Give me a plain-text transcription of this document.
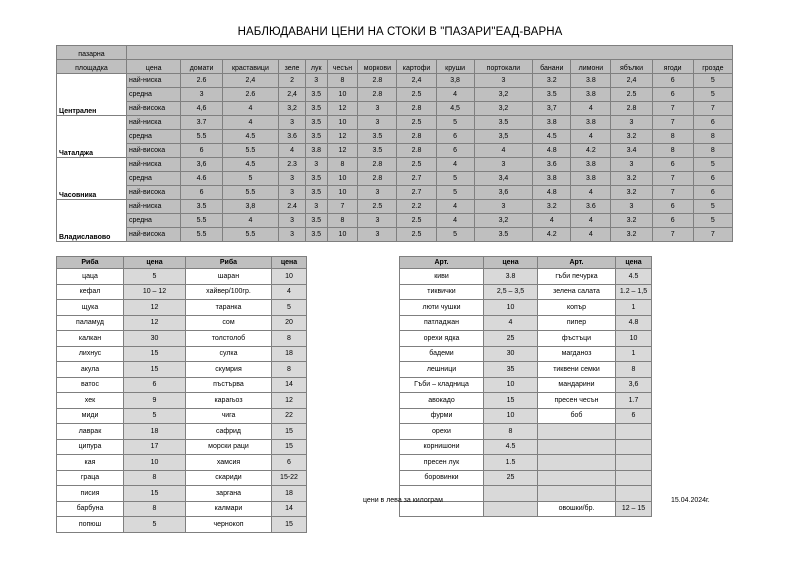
НАБЛЮДАВАНИ ЦЕНИ НА СТОКИ В "ПАЗАРИ"ЕАД-ВАРНА
пазарна															
площадка	цена	домати	краставици	зеле	лук	чесън	моркови	картофи	круши	портокали	банани	лимони	ябълки	ягоди	грозде
Централен	най-ниска	2.6	2,4	2	3	8	2.8	2,4	3,8	3	3.2	3.8	2,4	6	5
	средна	3	2.6	2,4	3.5	10	2.8	2.5	4	3,2	3.5	3.8	2.5	6	5
	най-висока	4,6	4	3,2	3.5	12	3	2.8	4,5	3,2	3,7	4	2.8	7	7
Чаталджа	най-ниска	3.7	4	3	3.5	10	3	2.5	5	3.5	3.8	3.8	3	7	6
	средна	5.5	4.5	3.6	3.5	12	3.5	2.8	6	3,5	4.5	4	3.2	8	8
	най-висока	6	5.5	4	3.8	12	3.5	2.8	6	4	4.8	4.2	3.4	8	8
Часовника	най-ниска	3,6	4.5	2.3	3	8	2.8	2.5	4	3	3.6	3.8	3	6	5
	средна	4.6	5	3	3.5	10	2.8	2.7	5	3,4	3.8	3.8	3.2	7	6
	най-висока	6	5.5	3	3.5	10	3	2.7	5	3,6	4.8	4	3.2	7	6
Владиславово	най-ниска	3.5	3,8	2.4	3	7	2.5	2.2	4	3	3.2	3.6	3	6	5
	средна	5.5	4	3	3.5	8	3	2.5	4	3,2	4	4	3.2	6	5
	най-висока	5.5	5.5	3	3.5	10	3	2.5	5	3.5	4.2	4	3.2	7	7
Риба	цена	Риба	цена
цаца	5	шаран	10
кефал	10 – 12	хайвер/100гр.	4
щука	12	таранка	5
паламуд	12	сом	20
калкан	30	толстолоб	8
лихнус	15	сулка	18
акула	15	скумрия	8
ватос	6	пъстърва	14
хек	9	карагьоз	12
миди	5	чига	22
лаврак	18	сафрид	15
ципура	17	морски раци	15
кая	10	хамсия	6
граца	8	скариди	15-22
писия	15	заргана	18
барбуна	8	калмари	14
попюш	5	чернокоп	15
Арт.	цена	Арт.	цена
киви	3.8	гъби печурка	4.5
тиквички	2,5 – 3,5	зелена салата	1.2 – 1,5
люти чушки	10	копър	1
патладжан	4	пипер	4.8
орехи ядка	25	фъстъци	10
бадеми	30	магданоз	1
лешници	35	тиквени семки	8
Гъби – кладница	10	мандарини	3,6
авокадо	15	пресен чесън	1.7
фурми	10	боб	6
орехи	8		
корнишони	4.5		
пресен лук	1.5		
боровинки	25		

		овошки/бр.	12 – 15
цени в лева за килограм	15.04.2024г.
